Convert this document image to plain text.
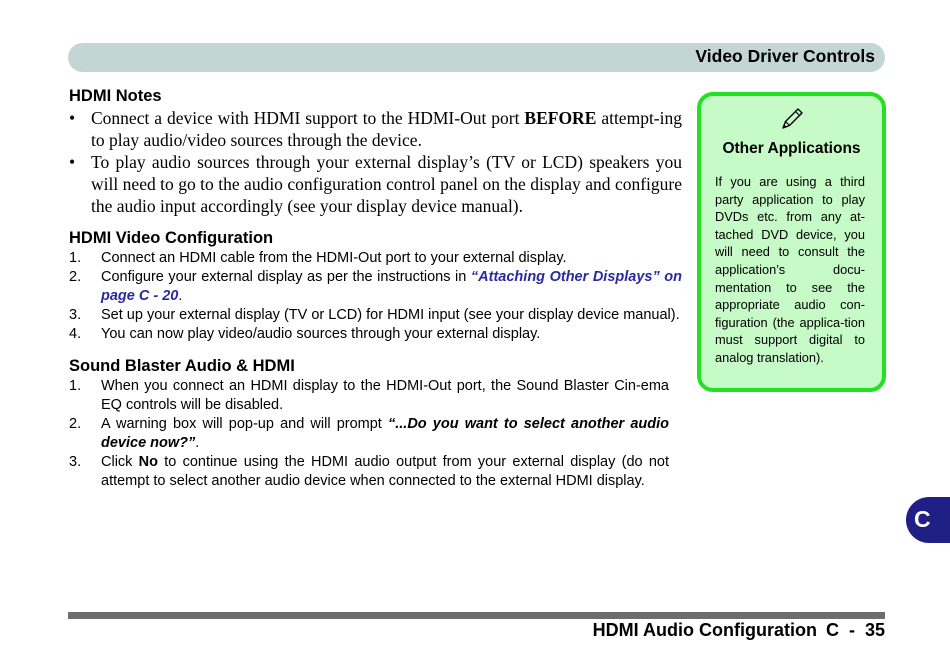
Video Driver Controls
HDMI Notes
• Connect a device with HDMI support to the HDMI-Out port BEFORE attempt-ing to play audio/video sources through the device.
• To play audio sources through your external display’s (TV or LCD) speakers you will need to go to the audio configuration control panel on the display and configure the audio input accordingly (see your display device manual).
HDMI Video Configuration
1. Connect an HDMI cable from the HDMI-Out port to your external display.
2. Configure your external display as per the instructions in “Attaching Other Displays” on page C - 20.
3. Set up your external display (TV or LCD) for HDMI input (see your display device manual).
4. You can now play video/audio sources through your external display.
Sound Blaster Audio & HDMI
1. When you connect an HDMI display to the HDMI-Out port, the Sound Blaster Cin-ema EQ controls will be disabled.
2. A warning box will pop-up and will prompt “...Do you want to select another audio device now?”.
3. Click No to continue using the HDMI audio output from your external display (do not attempt to select another audio device when connected to the external HDMI display.
Other Applications
If you are using a third party application to play DVDs etc. from any at-tached DVD device, you will need to consult the application’s docu-mentation to see the appropriate audio con-figuration (the applica-tion must support digital to analog translation).
C
HDMI Audio Configuration C  -  35
